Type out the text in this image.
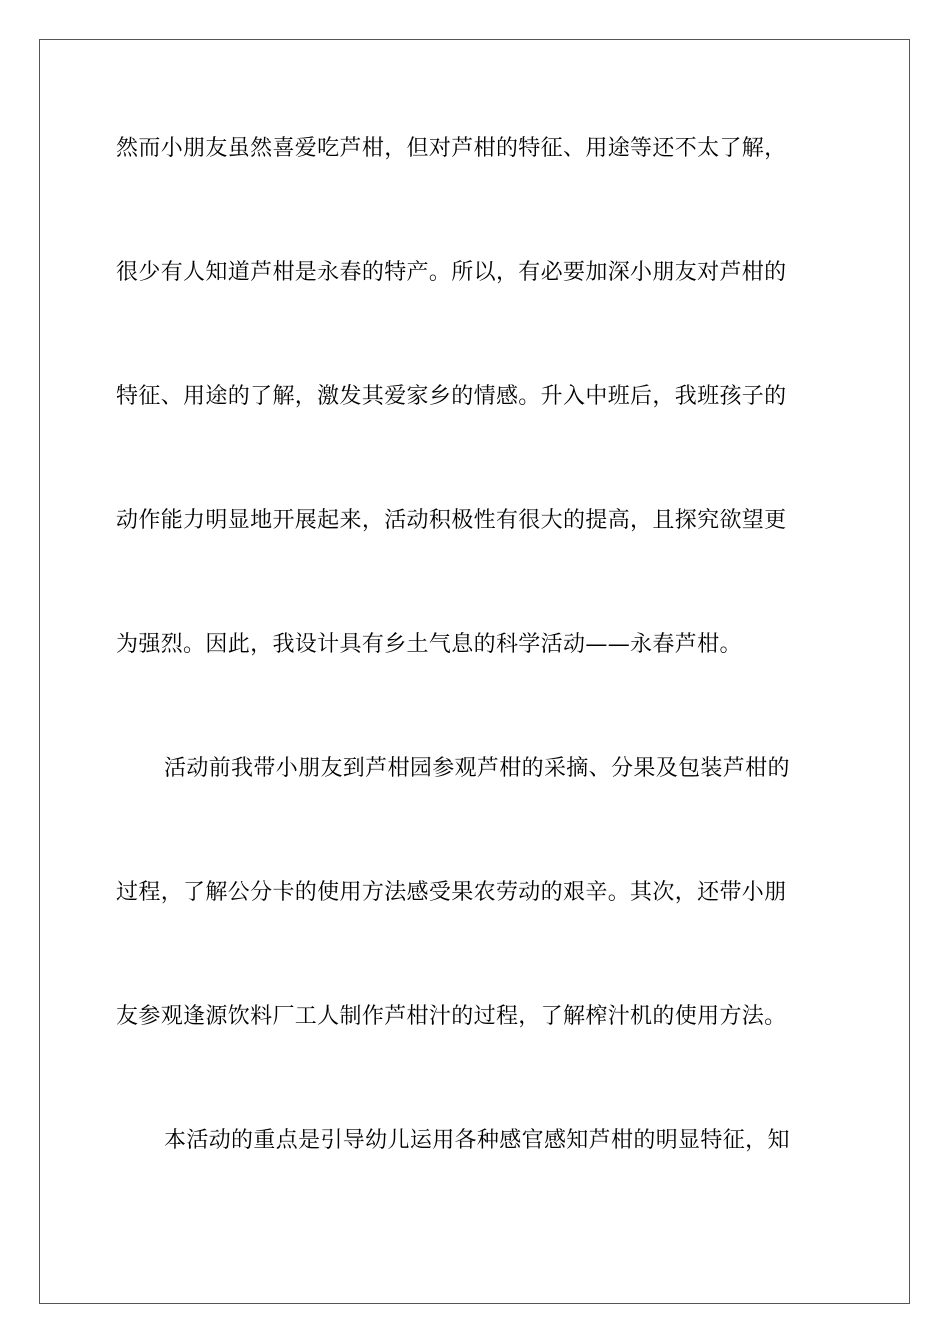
然而小朋友虽然喜爱吃芦柑，但对芦柑的特征、用途等还不太了解，
很少有人知道芦柑是永春的特产。所以，有必要加深小朋友对芦柑的
特征、用途的了解，激发其爱家乡的情感。升入中班后，我班孩子的
动作能力明显地开展起来，活动积极性有很大的提高，且探究欲望更
为强烈。因此，我设计具有乡土气息的科学活动——永春芦柑。
活动前我带小朋友到芦柑园参观芦柑的采摘、分果及包装芦柑的
过程，了解公分卡的使用方法感受果农劳动的艰辛。其次，还带小朋
友参观逢源饮料厂工人制作芦柑汁的过程，了解榨汁机的使用方法。
本活动的重点是引导幼儿运用各种感官感知芦柑的明显特征，知
